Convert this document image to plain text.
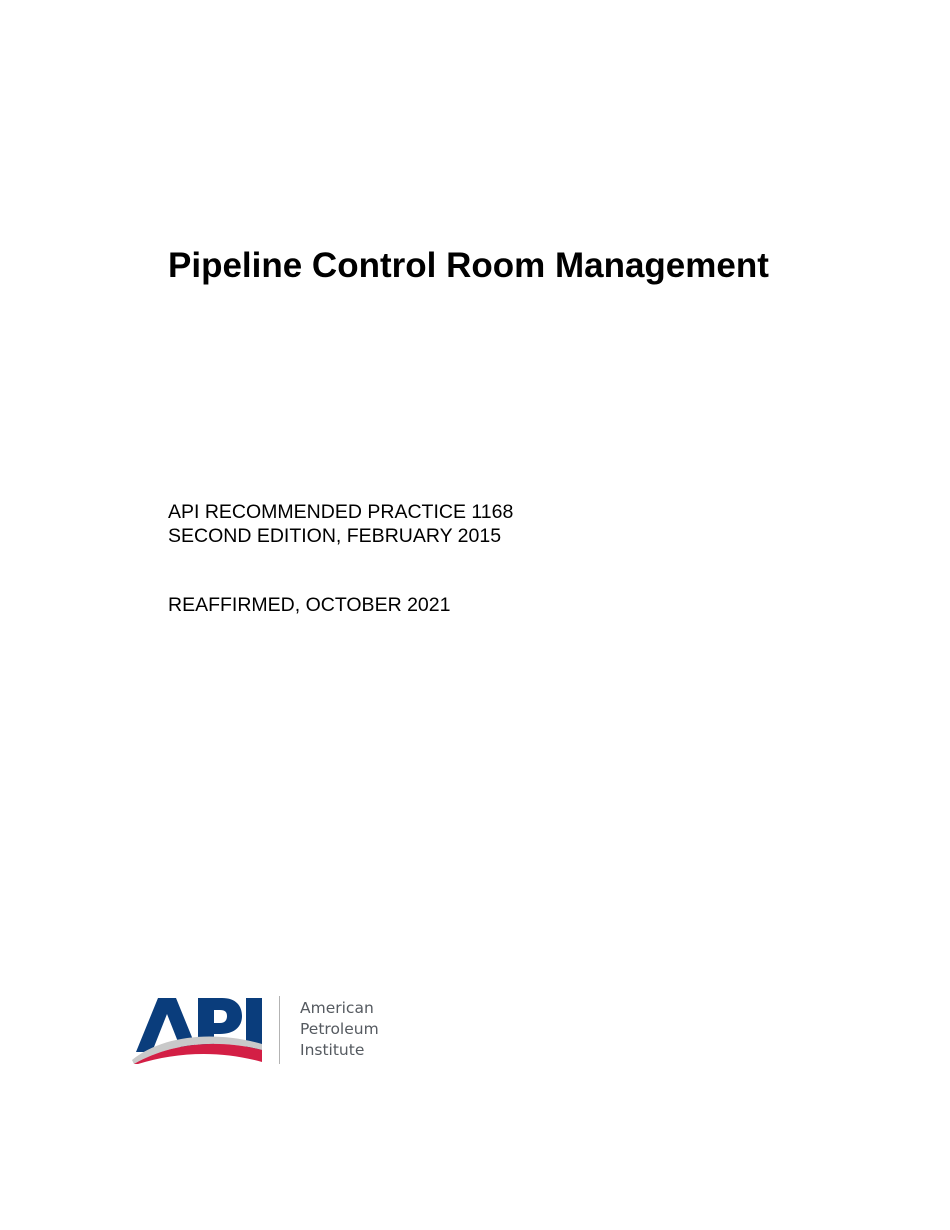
Pipeline Control Room Management
API RECOMMENDED PRACTICE 1168
SECOND EDITION, FEBRUARY 2015
REAFFIRMED, OCTOBER 2021
American
Petroleum
Institute
